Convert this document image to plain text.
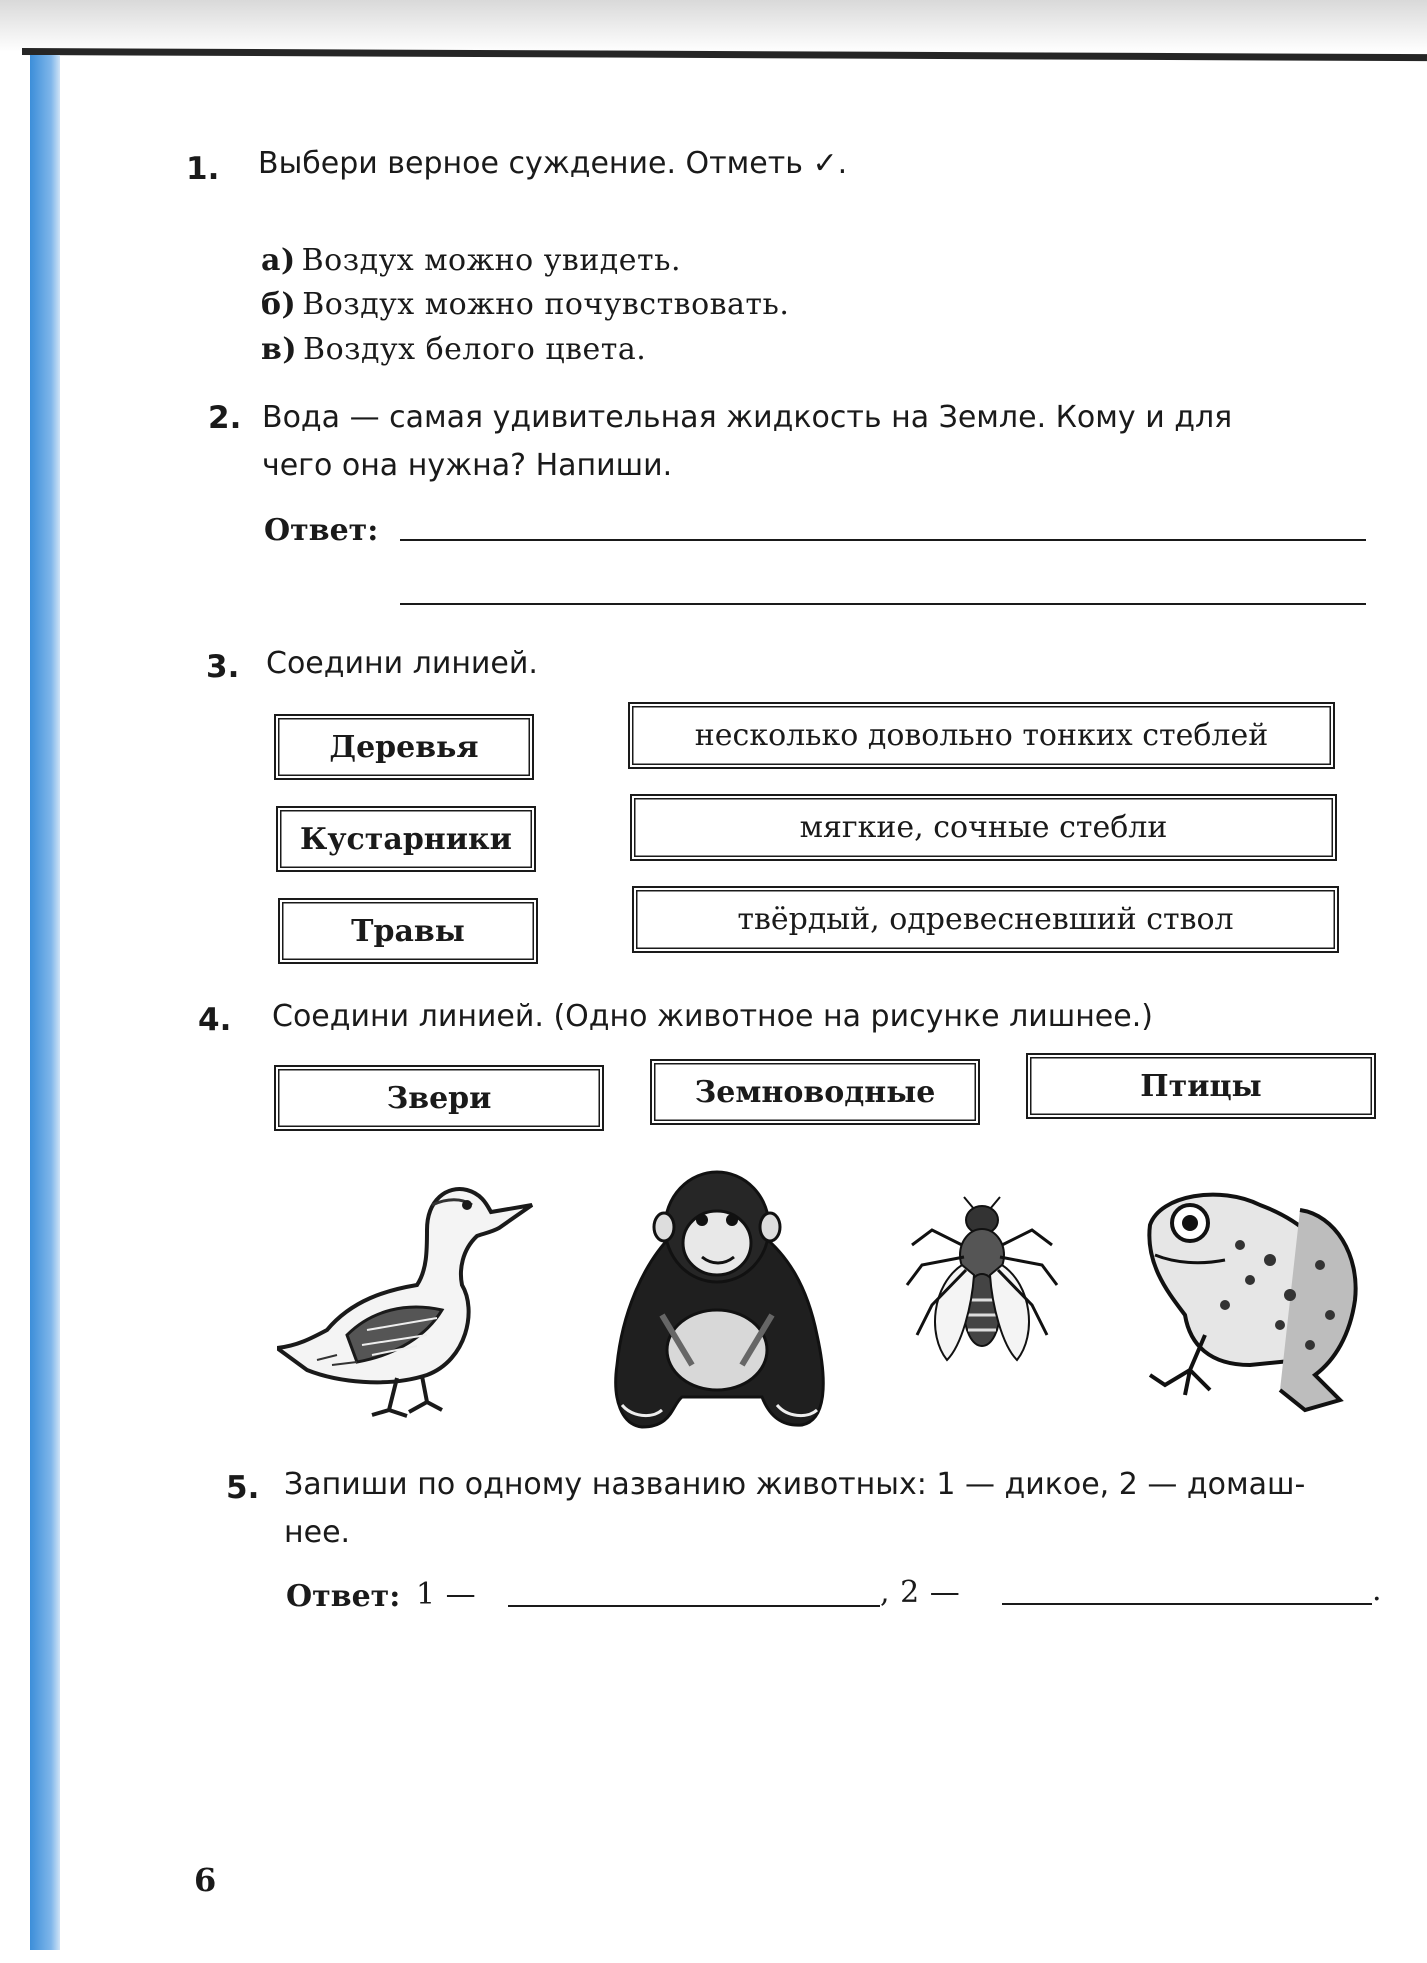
1. Выбери верное суждение. Отметь ✓.
а) Воздух можно увидеть.
б) Воздух можно почувствовать.
в) Воздух белого цвета.
2. Вода — самая удивительная жидкость на Земле. Кому и для
чего она нужна? Напиши.
Ответ:
3. Соедини линией.
Деревья
Кустарники
Травы
несколько довольно тонких стеблей
мягкие, сочные стебли
твёрдый, одревесневший ствол
4. Соедини линией. (Одно животное на рисунке лишнее.)
Звери	Земноводные	Птицы
5. Запиши по одному названию животных: 1 — дикое, 2 — домаш-
нее.
Ответ: 1 —	, 2 —	.
6
